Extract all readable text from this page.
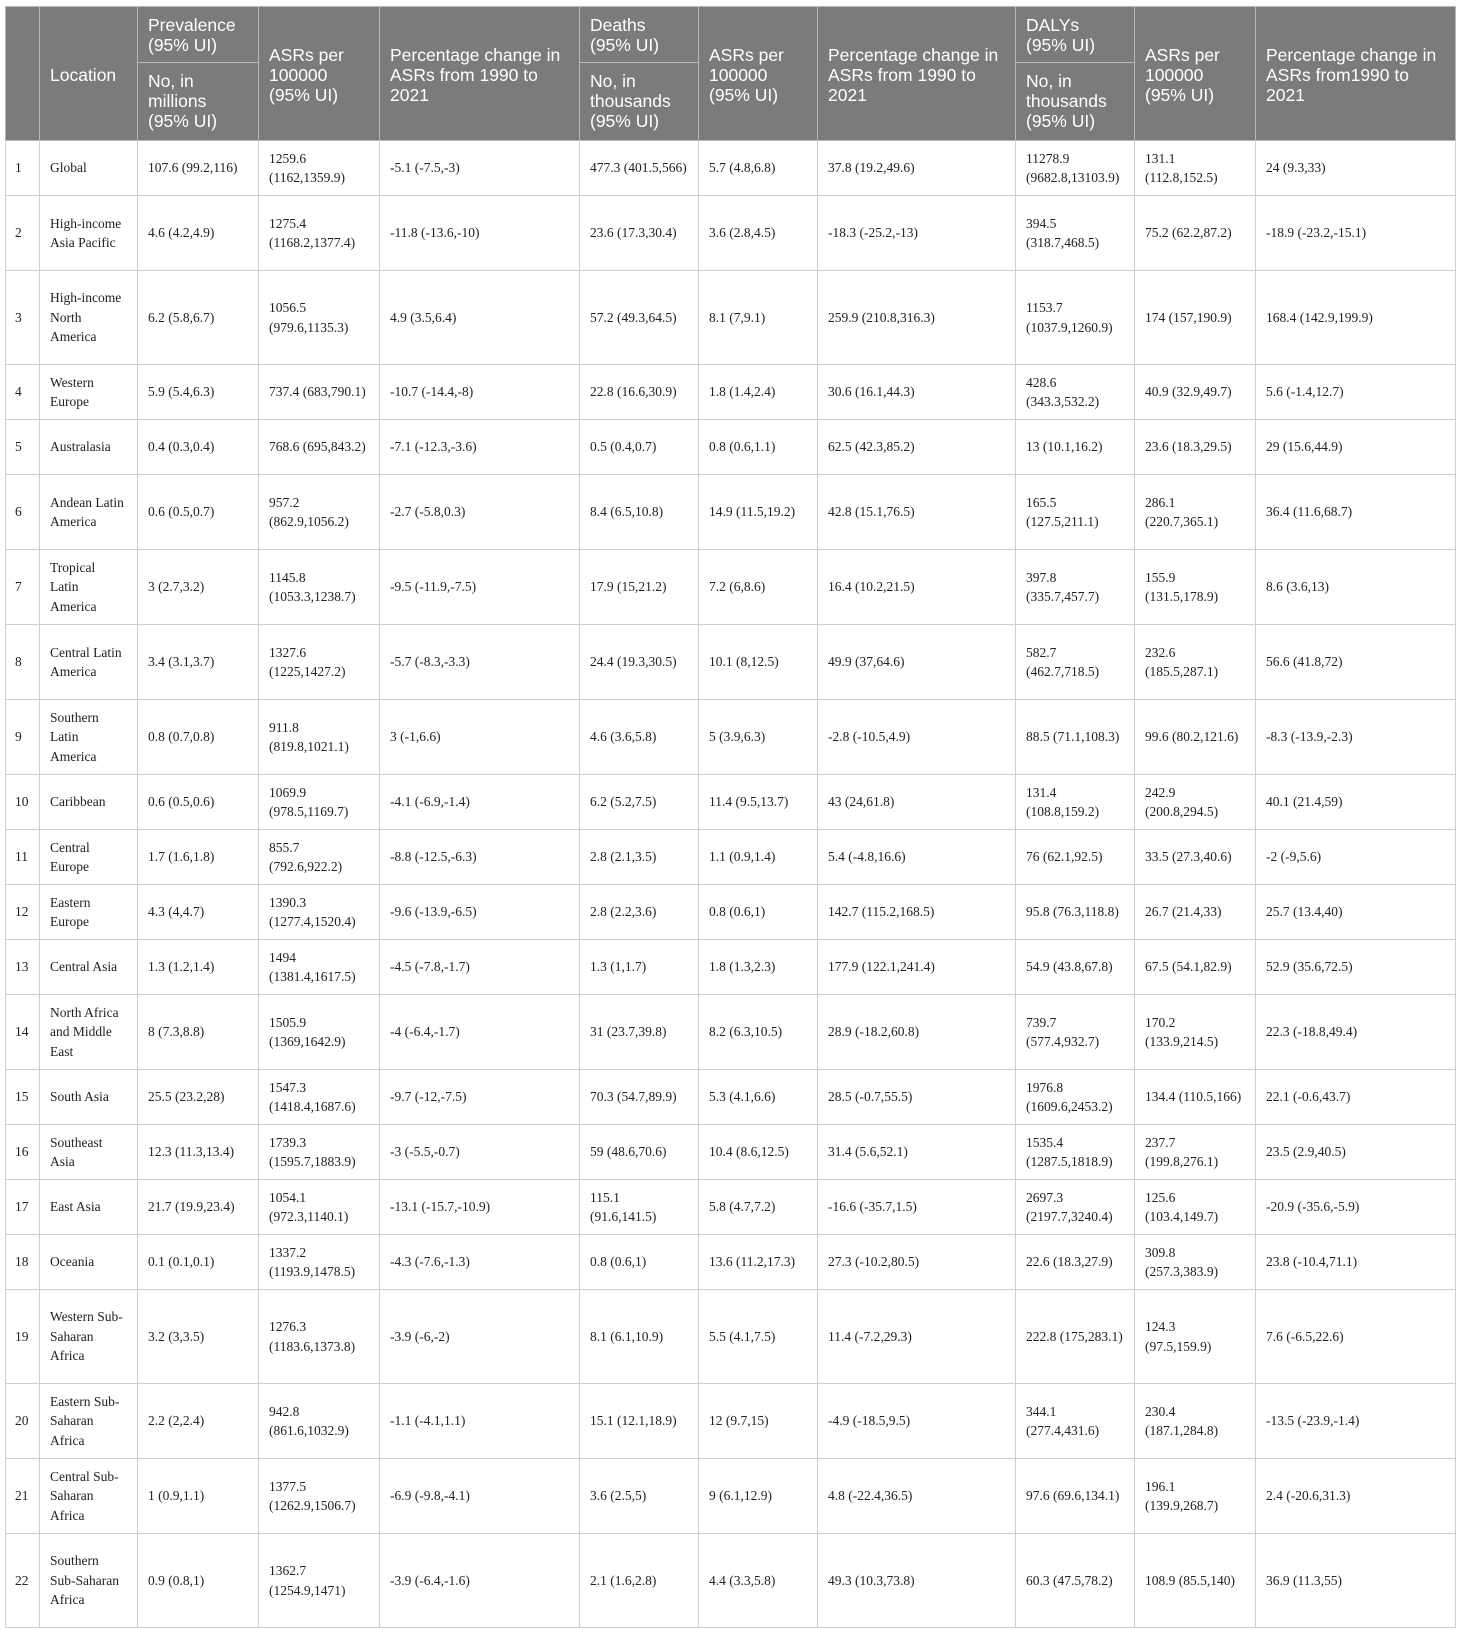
	Location	Prevalence (95% UI)	ASRs per 100000 (95% UI)	Percentage change in ASRs from 1990 to 2021	Deaths (95% UI)	ASRs per 100000 (95% UI)	Percentage change in ASRs from 1990 to 2021	DALYs (95% UI)	ASRs per 100000 (95% UI)	Percentage change in ASRs from1990 to 2021
		No, in millions (95% UI)			No, in thousands (95% UI)			No, in thousands (95% UI)		
1	Global	107.6 (99.2,116)	1259.6 (1162,1359.9)	-5.1 (-7.5,-3)	477.3 (401.5,566)	5.7 (4.8,6.8)	37.8 (19.2,49.6)	11278.9 (9682.8,13103.9)	131.1 (112.8,152.5)	24 (9.3,33)
2	High-income Asia Pacific	4.6 (4.2,4.9)	1275.4 (1168.2,1377.4)	-11.8 (-13.6,-10)	23.6 (17.3,30.4)	3.6 (2.8,4.5)	-18.3 (-25.2,-13)	394.5 (318.7,468.5)	75.2 (62.2,87.2)	-18.9 (-23.2,-15.1)
3	High-income North America	6.2 (5.8,6.7)	1056.5 (979.6,1135.3)	4.9 (3.5,6.4)	57.2 (49.3,64.5)	8.1 (7,9.1)	259.9 (210.8,316.3)	1153.7 (1037.9,1260.9)	174 (157,190.9)	168.4 (142.9,199.9)
4	Western Europe	5.9 (5.4,6.3)	737.4 (683,790.1)	-10.7 (-14.4,-8)	22.8 (16.6,30.9)	1.8 (1.4,2.4)	30.6 (16.1,44.3)	428.6 (343.3,532.2)	40.9 (32.9,49.7)	5.6 (-1.4,12.7)
5	Australasia	0.4 (0.3,0.4)	768.6 (695,843.2)	-7.1 (-12.3,-3.6)	0.5 (0.4,0.7)	0.8 (0.6,1.1)	62.5 (42.3,85.2)	13 (10.1,16.2)	23.6 (18.3,29.5)	29 (15.6,44.9)
6	Andean Latin America	0.6 (0.5,0.7)	957.2 (862.9,1056.2)	-2.7 (-5.8,0.3)	8.4 (6.5,10.8)	14.9 (11.5,19.2)	42.8 (15.1,76.5)	165.5 (127.5,211.1)	286.1 (220.7,365.1)	36.4 (11.6,68.7)
7	Tropical Latin America	3 (2.7,3.2)	1145.8 (1053.3,1238.7)	-9.5 (-11.9,-7.5)	17.9 (15,21.2)	7.2 (6,8.6)	16.4 (10.2,21.5)	397.8 (335.7,457.7)	155.9 (131.5,178.9)	8.6 (3.6,13)
8	Central Latin America	3.4 (3.1,3.7)	1327.6 (1225,1427.2)	-5.7 (-8.3,-3.3)	24.4 (19.3,30.5)	10.1 (8,12.5)	49.9 (37,64.6)	582.7 (462.7,718.5)	232.6 (185.5,287.1)	56.6 (41.8,72)
9	Southern Latin America	0.8 (0.7,0.8)	911.8 (819.8,1021.1)	3 (-1,6.6)	4.6 (3.6,5.8)	5 (3.9,6.3)	-2.8 (-10.5,4.9)	88.5 (71.1,108.3)	99.6 (80.2,121.6)	-8.3 (-13.9,-2.3)
10	Caribbean	0.6 (0.5,0.6)	1069.9 (978.5,1169.7)	-4.1 (-6.9,-1.4)	6.2 (5.2,7.5)	11.4 (9.5,13.7)	43 (24,61.8)	131.4 (108.8,159.2)	242.9 (200.8,294.5)	40.1 (21.4,59)
11	Central Europe	1.7 (1.6,1.8)	855.7 (792.6,922.2)	-8.8 (-12.5,-6.3)	2.8 (2.1,3.5)	1.1 (0.9,1.4)	5.4 (-4.8,16.6)	76 (62.1,92.5)	33.5 (27.3,40.6)	-2 (-9,5.6)
12	Eastern Europe	4.3 (4,4.7)	1390.3 (1277.4,1520.4)	-9.6 (-13.9,-6.5)	2.8 (2.2,3.6)	0.8 (0.6,1)	142.7 (115.2,168.5)	95.8 (76.3,118.8)	26.7 (21.4,33)	25.7 (13.4,40)
13	Central Asia	1.3 (1.2,1.4)	1494 (1381.4,1617.5)	-4.5 (-7.8,-1.7)	1.3 (1,1.7)	1.8 (1.3,2.3)	177.9 (122.1,241.4)	54.9 (43.8,67.8)	67.5 (54.1,82.9)	52.9 (35.6,72.5)
14	North Africa and Middle East	8 (7.3,8.8)	1505.9 (1369,1642.9)	-4 (-6.4,-1.7)	31 (23.7,39.8)	8.2 (6.3,10.5)	28.9 (-18.2,60.8)	739.7 (577.4,932.7)	170.2 (133.9,214.5)	22.3 (-18.8,49.4)
15	South Asia	25.5 (23.2,28)	1547.3 (1418.4,1687.6)	-9.7 (-12,-7.5)	70.3 (54.7,89.9)	5.3 (4.1,6.6)	28.5 (-0.7,55.5)	1976.8 (1609.6,2453.2)	134.4 (110.5,166)	22.1 (-0.6,43.7)
16	Southeast Asia	12.3 (11.3,13.4)	1739.3 (1595.7,1883.9)	-3 (-5.5,-0.7)	59 (48.6,70.6)	10.4 (8.6,12.5)	31.4 (5.6,52.1)	1535.4 (1287.5,1818.9)	237.7 (199.8,276.1)	23.5 (2.9,40.5)
17	East Asia	21.7 (19.9,23.4)	1054.1 (972.3,1140.1)	-13.1 (-15.7,-10.9)	115.1 (91.6,141.5)	5.8 (4.7,7.2)	-16.6 (-35.7,1.5)	2697.3 (2197.7,3240.4)	125.6 (103.4,149.7)	-20.9 (-35.6,-5.9)
18	Oceania	0.1 (0.1,0.1)	1337.2 (1193.9,1478.5)	-4.3 (-7.6,-1.3)	0.8 (0.6,1)	13.6 (11.2,17.3)	27.3 (-10.2,80.5)	22.6 (18.3,27.9)	309.8 (257.3,383.9)	23.8 (-10.4,71.1)
19	Western Sub-Saharan Africa	3.2 (3,3.5)	1276.3 (1183.6,1373.8)	-3.9 (-6,-2)	8.1 (6.1,10.9)	5.5 (4.1,7.5)	11.4 (-7.2,29.3)	222.8 (175,283.1)	124.3 (97.5,159.9)	7.6 (-6.5,22.6)
20	Eastern Sub-Saharan Africa	2.2 (2,2.4)	942.8 (861.6,1032.9)	-1.1 (-4.1,1.1)	15.1 (12.1,18.9)	12 (9.7,15)	-4.9 (-18.5,9.5)	344.1 (277.4,431.6)	230.4 (187.1,284.8)	-13.5 (-23.9,-1.4)
21	Central Sub-Saharan Africa	1 (0.9,1.1)	1377.5 (1262.9,1506.7)	-6.9 (-9.8,-4.1)	3.6 (2.5,5)	9 (6.1,12.9)	4.8 (-22.4,36.5)	97.6 (69.6,134.1)	196.1 (139.9,268.7)	2.4 (-20.6,31.3)
22	Southern Sub-Saharan Africa	0.9 (0.8,1)	1362.7 (1254.9,1471)	-3.9 (-6.4,-1.6)	2.1 (1.6,2.8)	4.4 (3.3,5.8)	49.3 (10.3,73.8)	60.3 (47.5,78.2)	108.9 (85.5,140)	36.9 (11.3,55)
